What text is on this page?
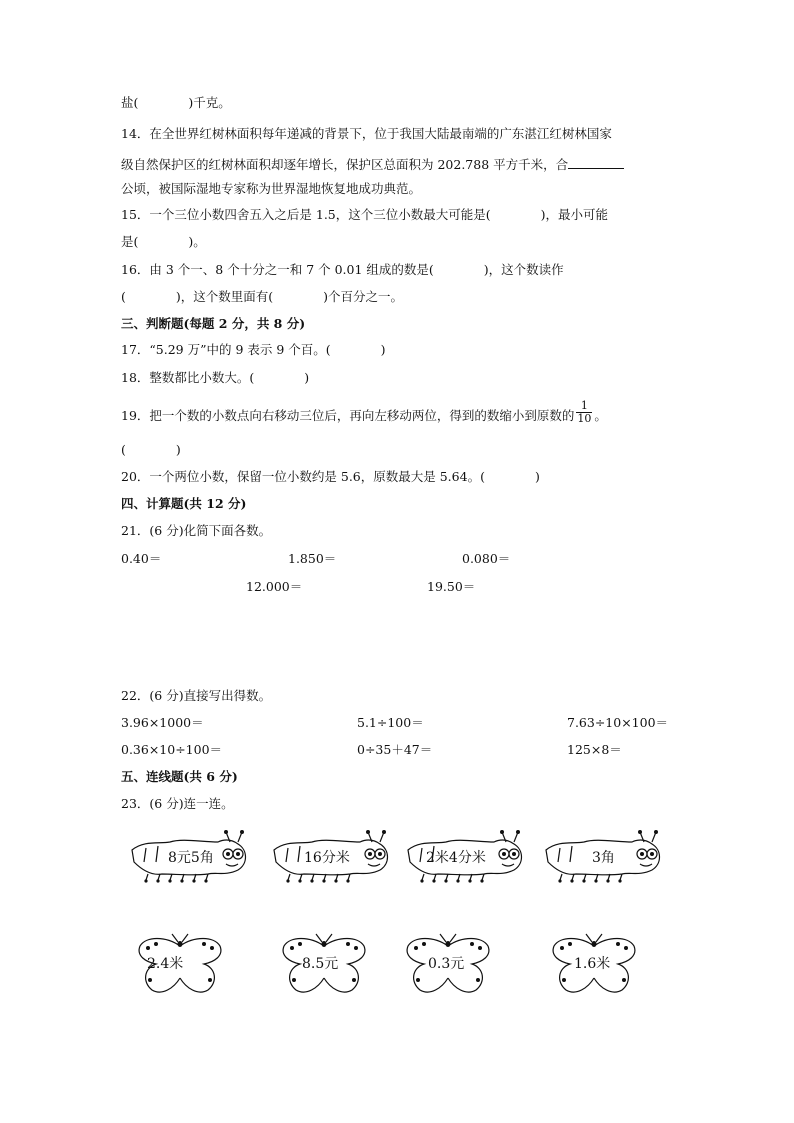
盐(　　　　)千克。
14．在全世界红树林面积每年递减的背景下，位于我国大陆最南端的广东湛江红树林国家
级自然保护区的红树林面积却逐年增长，保护区总面积为 202.788 平方千米，合
公顷，被国际湿地专家称为世界湿地恢复地成功典范。
15．一个三位小数四舍五入之后是 1.5，这个三位小数最大可能是(　　　　)，最小可能
是(　　　　)。
16．由 3 个一、8 个十分之一和 7 个 0.01 组成的数是(　　　　)，这个数读作
(　　　　)，这个数里面有(　　　　)个百分之一。
三、判断题(每题 2 分，共 8 分)
17．“5.29 万”中的 9 表示 9 个百。(　　　　)
18．整数都比小数大。(　　　　)
19．把一个数的小数点向右移动三位后，再向左移动两位，得到的数缩小到原数的 $\frac{1}{10}$ 。
(　　　　)
20．一个两位小数，保留一位小数约是 5.6，原数最大是 5.64。(　　　　)
四、计算题(共 12 分)
21．(6 分)化简下面各数。
0.40＝	1.850＝	0.080＝
12.000＝	19.50＝
22．(6 分)直接写出得数。
3.96×1000＝	5.1÷100＝	7.63÷10×100＝
0.36×10÷100＝	0÷35＋47＝	125×8＝
五、连线题(共 6 分)
23．(6 分)连一连。
8元5角	16分米	2米4分米	3角
2.4米	8.5元	0.3元	1.6米
